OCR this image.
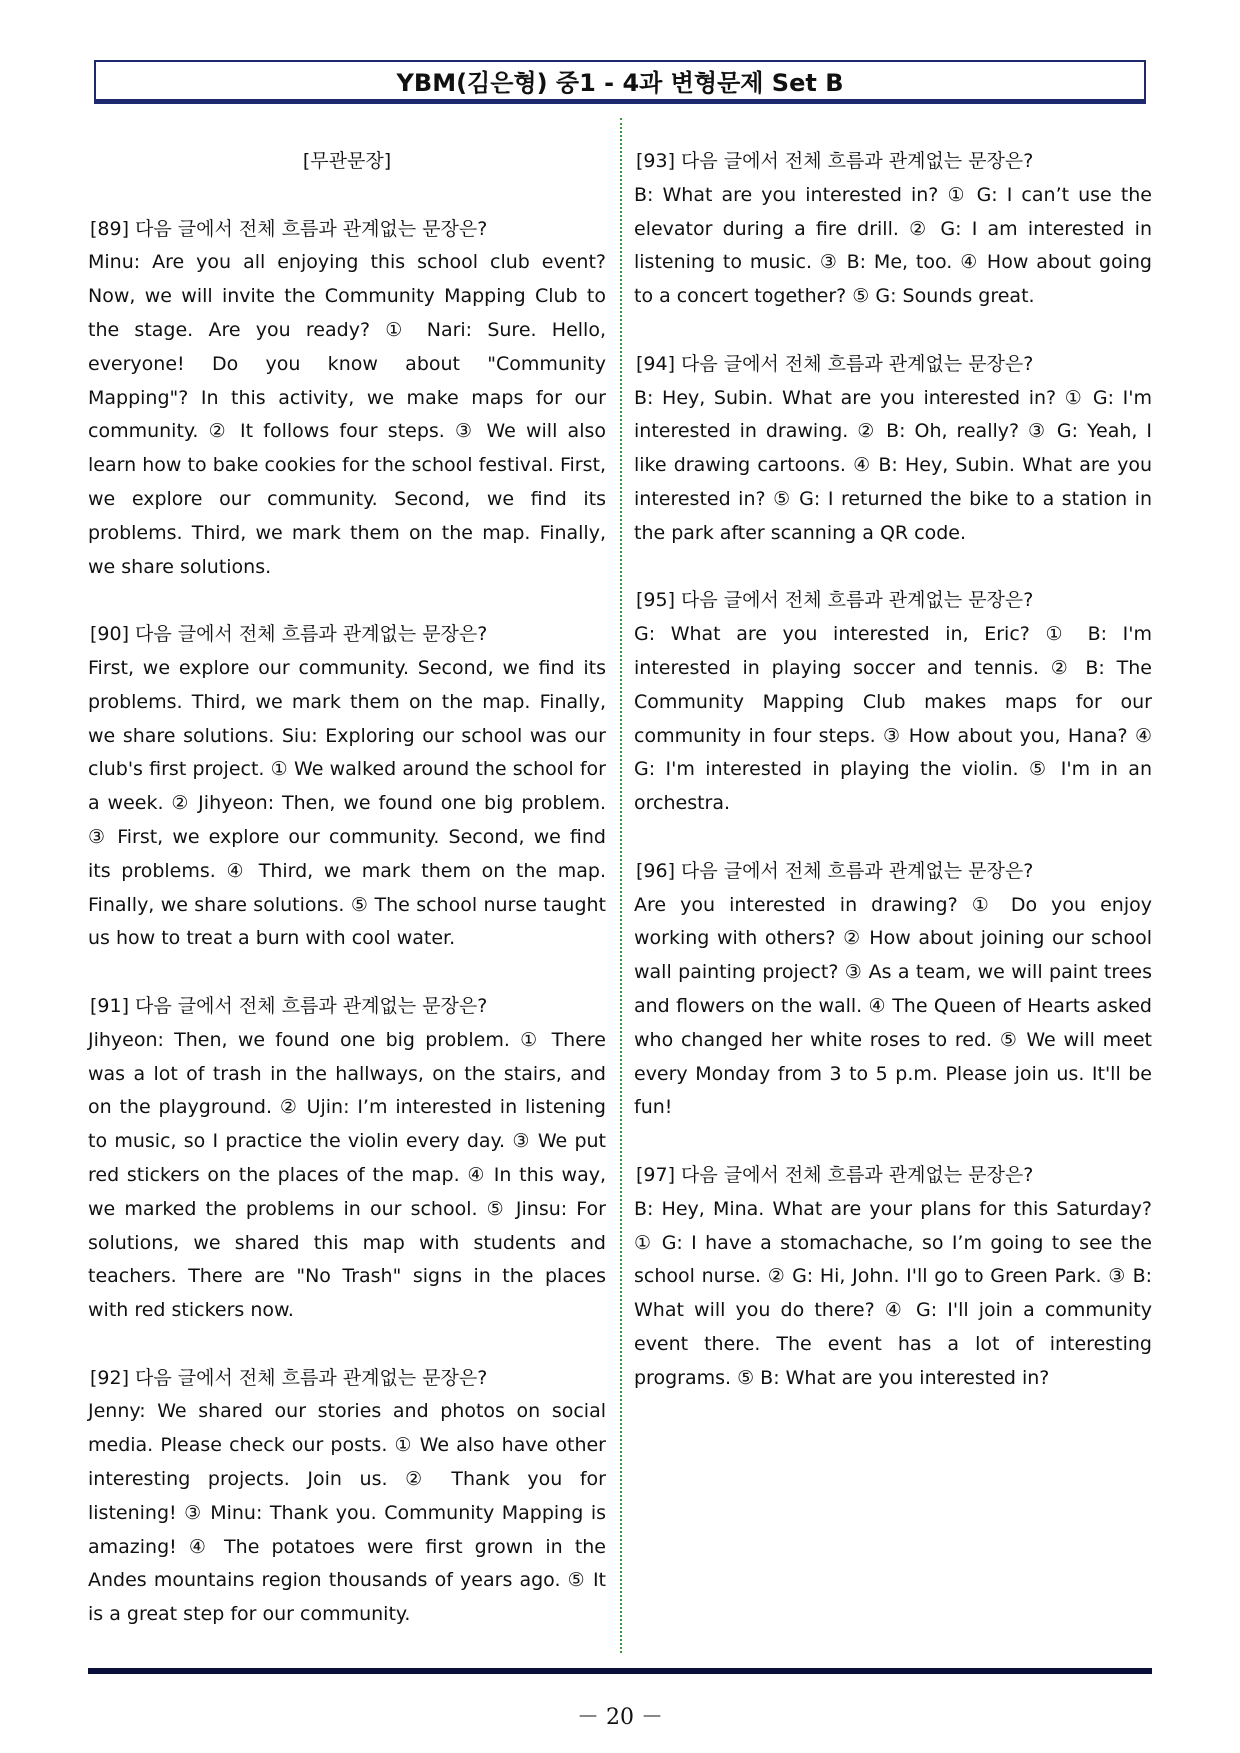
YBM(김은형) 중1 - 4과 변형문제 Set B

[무관문장]

[89] 다음 글에서 전체 흐름과 관계없는 문장은?
Minu: Are you all enjoying this school club event? Now, we will invite the Community Mapping Club to the stage. Are you ready? ① Nari: Sure. Hello, everyone! Do you know about "Community Mapping"? In this activity, we make maps for our community. ② It follows four steps. ③ We will also learn how to bake cookies for the school festival. First, we explore our community. Second, we find its problems. Third, we mark them on the map. Finally, we share solutions.
[90] 다음 글에서 전체 흐름과 관계없는 문장은?
First, we explore our community. Second, we find its problems. Third, we mark them on the map. Finally, we share solutions. Siu: Exploring our school was our club's first project. ① We walked around the school for a week. ② Jihyeon: Then, we found one big problem. ③ First, we explore our community. Second, we find its problems. ④ Third, we mark them on the map. Finally, we share solutions. ⑤ The school nurse taught us how to treat a burn with cool water.
[91] 다음 글에서 전체 흐름과 관계없는 문장은?
Jihyeon: Then, we found one big problem. ① There was a lot of trash in the hallways, on the stairs, and on the playground. ② Ujin: I’m interested in listening to music, so I practice the violin every day. ③ We put red stickers on the places of the map. ④ In this way, we marked the problems in our school. ⑤ Jinsu: For solutions, we shared this map with students and teachers. There are "No Trash" signs in the places with red stickers now.
[92] 다음 글에서 전체 흐름과 관계없는 문장은?
Jenny: We shared our stories and photos on social media. Please check our posts. ① We also have other interesting projects. Join us. ② Thank you for listening! ③ Minu: Thank you. Community Mapping is amazing! ④ The potatoes were first grown in the Andes mountains region thousands of years ago. ⑤ It is a great step for our community.
[93] 다음 글에서 전체 흐름과 관계없는 문장은?
B: What are you interested in? ① G: I can’t use the elevator during a fire drill. ② G: I am interested in listening to music. ③ B: Me, too. ④ How about going to a concert together? ⑤ G: Sounds great.
[94] 다음 글에서 전체 흐름과 관계없는 문장은?
B: Hey, Subin. What are you interested in? ① G: I'm interested in drawing. ② B: Oh, really? ③ G: Yeah, I like drawing cartoons. ④ B: Hey, Subin. What are you interested in? ⑤ G: I returned the bike to a station in the park after scanning a QR code.
[95] 다음 글에서 전체 흐름과 관계없는 문장은?
G: What are you interested in, Eric? ① B: I'm interested in playing soccer and tennis. ② B: The Community Mapping Club makes maps for our community in four steps. ③ How about you, Hana? ④ G: I'm interested in playing the violin. ⑤ I'm in an orchestra.
[96] 다음 글에서 전체 흐름과 관계없는 문장은?
Are you interested in drawing? ① Do you enjoy working with others? ② How about joining our school wall painting project? ③ As a team, we will paint trees and flowers on the wall. ④ The Queen of Hearts asked who changed her white roses to red. ⑤ We will meet every Monday from 3 to 5 p.m. Please join us. It'll be fun!
[97] 다음 글에서 전체 흐름과 관계없는 문장은?
B: Hey, Mina. What are your plans for this Saturday? ① G: I have a stomachache, so I’m going to see the school nurse. ② G: Hi, John. I'll go to Green Park. ③ B: What will you do there? ④ G: I'll join a community event there. The event has a lot of interesting programs. ⑤ B: What are you interested in?
－ 20 －
